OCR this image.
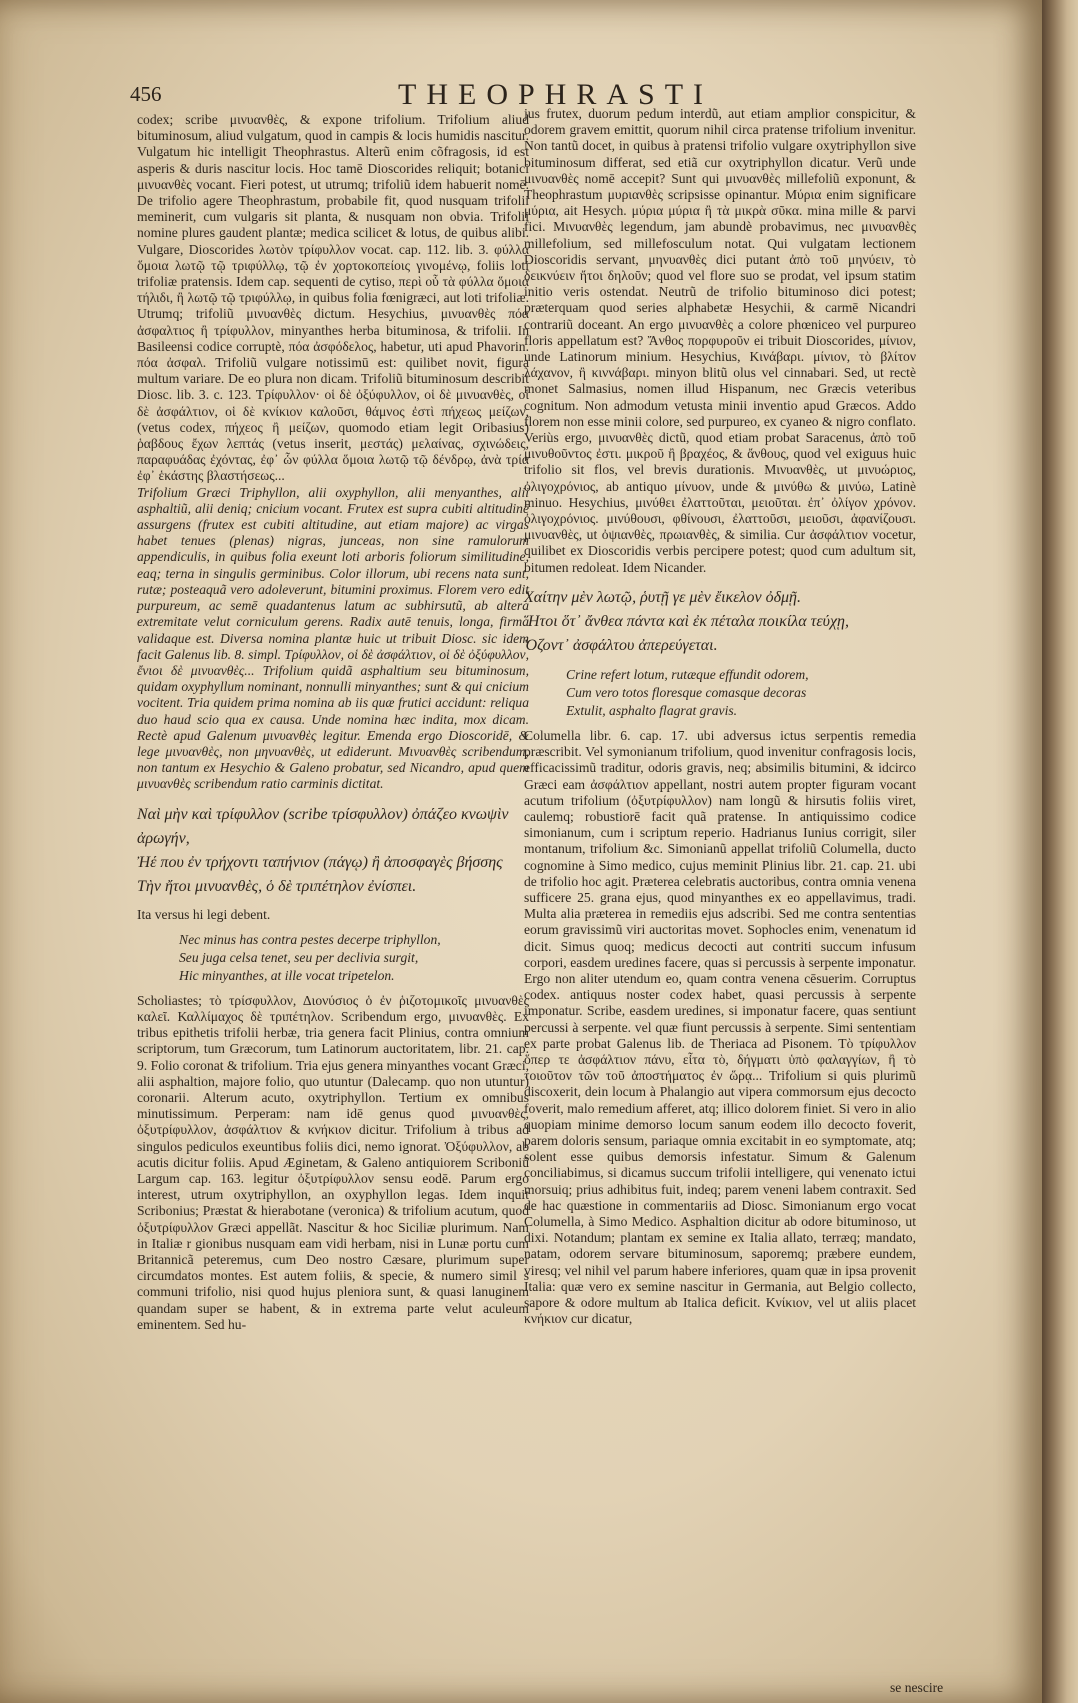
456	THEOPHRASTI

codex; scribe μινυανθὲς, & expone trifolium. Trifolium aliud bituminosum, aliud vulgatum, quod in campis & locis humidis nascitur. Vulgatum hic intelligit Theophrastus. Alterũ enim cõfragosis, id est asperis & duris nascitur locis. Hoc tamē Dioscorides reliquit; botanici μινυανθὲς vocant. Fieri potest, ut utrumq; trifoliũ idem habuerit nomē. De trifolio agere Theophrastum, probabile fit, quod nusquam trifolii meminerit, cum vulgaris sit planta, & nusquam non obvia. Trifolii nomine plures gaudent plantæ; medica scilicet & lotus, de quibus alibi. Vulgare, Dioscorides λωτὸν τρίφυλλον vocat. cap. 112. lib. 3. φύλλα ὅμοια λωτῷ τῷ τριφύλλῳ, τῷ ἐν χορτοκοπείοις γινομένῳ, foliis loti trifoliæ pratensis. Idem cap. sequenti de cytiso, περὶ οὗ τὰ φύλλα ὅμοια τήλιδι, ἢ λωτῷ τῷ τριφύλλῳ, in quibus folia fœnigræci, aut loti trifoliæ. Utrumq; trifoliũ μινυανθὲς dictum. Hesychius, μινυανθὲς πόα ἀσφαλτιος ἢ τρίφυλλον, minyanthes herba bituminosa, & trifolii. In Basileensi codice corruptè, πόα ἀσφόδελος, habetur, uti apud Phavorin. πόα ἀσφαλ. Trifoliũ vulgare notissimū est: quilibet novit, figura multum variare. De eo plura non dicam. Trifoliũ bituminosum describit Diosc. lib. 3. c. 123. Τρίφυλλον· οἱ δὲ ὀξύφυλλον, οἱ δὲ μινυανθὲς, οἱ δὲ ἀσφάλτιον, οἱ δὲ κνίκιον καλοῦσι, θάμνος ἐστὶ πήχεως μείζων, (vetus codex, πήχεος ἢ μείζων, quomodo etiam legit Oribasius) ῥαβδους ἔχων λεπτάς (vetus inserit, μεστάς) μελαίνας, σχινώδεις, παραφυάδας ἐχόντας, ἐφ᾽ ὧν φύλλα ὅμοια λωτῷ τῷ δένδρῳ, ἀνὰ τρία ἐφ᾽ ἑκάστης βλαστήσεως...

Trifolium Græci Triphyllon, alii oxyphyllon, alii menyanthes, alii asphaltiũ, alii deniq; cnicium vocant. Frutex est supra cubiti altitudinē assurgens (frutex est cubiti altitudine, aut etiam majore) ac virgas habet tenues (plenas) nigras, junceas, non sine ramulorum appendiculis, in quibus folia exeunt loti arboris foliorum similitudine, eaq; terna in singulis germinibus. Color illorum, ubi recens nata sunt, rutæ; posteaquã vero adoleverunt, bitumini proximus. Florem vero edit purpureum, ac semē quadantenus latum ac subhirsutũ, ab altera extremitate velut corniculum gerens. Radix autē tenuis, longa, firma validaque est. Diversa nomina plantæ huic ut tribuit Diosc. sic idem facit Galenus lib. 8. simpl. Τρίφυλλον, οἱ δὲ ἀσφάλτιον, οἱ δὲ ὀξύφυλλον, ἔνιοι δὲ μινυανθὲς... Trifolium quidã asphaltium seu bituminosum, quidam oxyphyllum nominant, nonnulli minyanthes; sunt & qui cnicium vocitent. Tria quidem prima nomina ab iis quæ frutici accidunt: reliqua duo haud scio qua ex causa. Unde nomina hæc indita, mox dicam. Rectè apud Galenum μινυανθὲς legitur. Emenda ergo Dioscoridē, & lege μινυανθὲς, non μηνυανθὲς, ut ediderunt. Μινυανθὲς scribendum, non tantum ex Hesychio & Galeno probatur, sed Nicandro, apud quem μινυανθὲς scribendum ratio carminis dictitat.

Ναὶ μὴν καὶ τρίφυλλον (scribe τρίσφυλλον) ὀπάζεο κνωψὶν ἀρωγήν,
Ἠέ που ἐν τρήχοντι ταπήνιον (πάγῳ) ἢ ἀποσφαγὲς βήσσης
Τὴν ἤτοι μινυανθὲς, ὁ δὲ τριπέτηλον ἐνίσπει.

Ita versus hi legi debent.

Nec minus has contra pestes decerpe triphyllon,
Seu juga celsa tenet, seu per declivia surgit,
Hic minyanthes, at ille vocat tripetelon.

Scholiastes; τὸ τρίσφυλλον, Διονύσιος ὁ ἐν ῥιζοτομικοῖς μινυανθὲς καλεῖ. Καλλίμαχος δὲ τριπέτηλον. Scribendum ergo, μινυανθὲς. Ex tribus epithetis trifolii herbæ, tria genera facit Plinius, contra omnium scriptorum, tum Græcorum, tum Latinorum auctoritatem, libr. 21. cap. 9. Folio coronat & trifolium. Tria ejus genera minyanthes vocant Græci, alii asphaltion, majore folio, quo utuntur (Dalecamp. quo non utuntur) coronarii. Alterum acuto, oxytriphyllon. Tertium ex omnibus minutissimum. Perperam: nam idē genus quod μινυανθὲς, ὀξυτρίφυλλον, ἀσφάλτιον & κνήκιον dicitur. Trifolium à tribus ad singulos pediculos exeuntibus foliis dici, nemo ignorat. Ὀξύφυλλον, ab acutis dicitur foliis. Apud Æginetam, & Galeno antiquiorem Scriboniũ Largum cap. 163. legitur ὀξυτρίφυλλον sensu eodē. Parum ergo interest, utrum oxytriphyllon, an oxyphyllon legas. Idem inquit Scribonius; Præstat & hierabotane (veronica) & trifolium acutum, quod ὀξυτρίφυλλον Græci appellãt. Nascitur & hoc Siciliæ plurimum. Nam in Italiæ r gionibus nusquam eam vidi herbam, nisi in Lunæ portu cum Britannicã peteremus, cum Deo nostro Cæsare, plurimum super circumdatos montes. Est autem foliis, & specie, & numero simil s communi trifolio, nisi quod hujus pleniora sunt, & quasi lanuginem quandam super se habent, & in extrema parte velut aculeum eminentem. Sed hu-

jus frutex, duorum pedum interdũ, aut etiam amplior conspicitur, & odorem gravem emittit, quorum nihil circa pratense trifolium invenitur. Non tantũ docet, in quibus à pratensi trifolio vulgare oxytriphyllon sive bituminosum differat, sed etiã cur oxytriphyllon dicatur. Verũ unde μινυανθὲς nomē accepit? Sunt qui μινυανθὲς millefoliũ exponunt, & Theophrastum μυριανθὲς scripsisse opinantur. Μύρια enim significare μύρια, ait Hesych. μύρια μύρια ἢ τὰ μικρὰ σῦκα. mina mille & parvi fici. Μινυανθὲς legendum, jam abundè probavimus, nec μινυανθὲς millefolium, sed millefosculum notat. Qui vulgatam lectionem Dioscoridis servant, μηνυανθὲς dici putant ἀπὸ τοῦ μηνύειν, τὸ δεικνύειν ἤτοι δηλοῦν; quod vel flore suo se prodat, vel ipsum statim initio veris ostendat. Neutrũ de trifolio bituminoso dici potest; præterquam quod series alphabetæ Hesychii, & carmē Nicandri contrariũ doceant. An ergo μινυανθὲς a colore phœniceo vel purpureo floris appellatum est? Ἄνθος πορφυροῦν ei tribuit Dioscorides, μίνιον, unde Latinorum minium. Hesychius, Κινάβαρι. μίνιον, τὸ βλίτον λάχανον, ἢ κιννάβαρι. minyon blitũ olus vel cinnabari. Sed, ut rectè monet Salmasius, nomen illud Hispanum, nec Græcis veteribus cognitum. Non admodum vetusta minii inventio apud Græcos. Addo florem non esse minii colore, sed purpureo, ex cyaneo & nigro conflato. Veriùs ergo, μινυανθὲς dictũ, quod etiam probat Saracenus, ἀπὸ τοῦ μινυθοῦντος ἐστι. μικροῦ ἢ βραχέος, & ἄνθους, quod vel exiguus huic trifolio sit flos, vel brevis durationis. Μινυανθὲς, ut μινυώριος, ὀλιγοχρόνιος, ab antiquo μίνυον, unde & μινύθω & μινύω, Latinè minuo. Hesychius, μινύθει ἐλαττοῦται, μειοῦται. ἐπ᾽ ὀλίγον χρόνον. ὀλιγοχρόνιος. μινύθουσι, φθίνουσι, ἐλαττοῦσι, μειοῦσι, ἀφανίζουσι. μινυανθὲς, ut ὀψιανθὲς, πρωιανθὲς, & similia. Cur ἀσφάλτιον vocetur, quilibet ex Dioscoridis verbis percipere potest; quod cum adultum sit, bitumen redoleat. Idem Nicander.

Χαίτην μὲν λωτῷ, ῥυτῇ γε μὲν ἔικελον ὀδμῇ.
Ἥτοι ὅτ᾽ ἄνθεα πάντα καὶ ἐκ πέταλα ποικίλα τεύχῃ,
Ὀζοντ᾽ ἀσφάλτου ἀπερεύγεται.
Crine refert lotum, rutæque effundit odorem,
Cum vero totos floresque comasque decoras
Extulit, asphalto flagrat gravis.

Columella libr. 6. cap. 17. ubi adversus ictus serpentis remedia præscribit. Vel symonianum trifolium, quod invenitur confragosis locis, efficacissimũ traditur, odoris gravis, neq; absimilis bitumini, & idcirco Græci eam ἀσφάλτιον appellant, nostri autem propter figuram vocant acutum trifolium (ὀξυτρίφυλλον) nam longũ & hirsutis foliis viret, caulemq; robustiorē facit quã pratense. In antiquissimo codice simonianum, cum i scriptum reperio. Hadrianus Iunius corrigit, siler montanum, trifolium &c. Simonianũ appellat trifoliũ Columella, ducto cognomine à Simo medico, cujus meminit Plinius libr. 21. cap. 21. ubi de trifolio hoc agit. Præterea celebratis auctoribus, contra omnia venena sufficere 25. grana ejus, quod minyanthes ex eo appellavimus, tradi. Multa alia præterea in remediis ejus adscribi. Sed me contra sententias eorum gravissimũ viri auctoritas movet. Sophocles enim, venenatum id dicit. Simus quoq; medicus decocti aut contriti succum infusum corpori, easdem uredines facere, quas si percussis à serpente imponatur. Ergo non aliter utendum eo, quam contra venena cēsuerim. Corruptus codex. antiquus noster codex habet, quasi percussis à serpente imponatur. Scribe, easdem uredines, si imponatur facere, quas sentiunt percussi à serpente. vel quæ fiunt percussis à serpente. Simi sententiam ex parte probat Galenus lib. de Theriaca ad Pisonem. Τὸ τρίφυλλον ὅπερ τε ἀσφάλτιον πάνυ, εἶτα τὸ, δήγματι ὑπὸ φαλαγγίων, ἢ τὸ τοιοῦτον τῶν τοῦ ἀποστήματος ἐν ὥρᾳ... Trifolium si quis plurimũ discoxerit, dein locum à Phalangio aut vipera commorsum ejus decocto foverit, malo remedium afferet, atq; illico dolorem finiet. Si vero in alio quopiam minime demorso locum sanum eodem illo decocto foverit, parem doloris sensum, pariaque omnia excitabit in eo symptomate, atq; solent esse quibus demorsis infestatur. Simum & Galenum conciliabimus, si dicamus succum trifolii intelligere, qui venenato ictui morsuiq; prius adhibitus fuit, indeq; parem veneni labem contraxit. Sed de hac quæstione in commentariis ad Diosc. Simonianum ergo vocat Columella, à Simo Medico. Asphaltion dicitur ab odore bituminoso, ut dixi. Notandum; plantam ex semine ex Italia allato, terræq; mandato, natam, odorem servare bituminosum, saporemq; præbere eundem, viresq; vel nihil vel parum habere inferiores, quam quæ in ipsa provenit Italia: quæ vero ex semine nascitur in Germania, aut Belgio collecto, sapore & odore multum ab Italica deficit. Κνίκιον, vel ut aliis placet κνήκιον cur dicatur,

se nescire
